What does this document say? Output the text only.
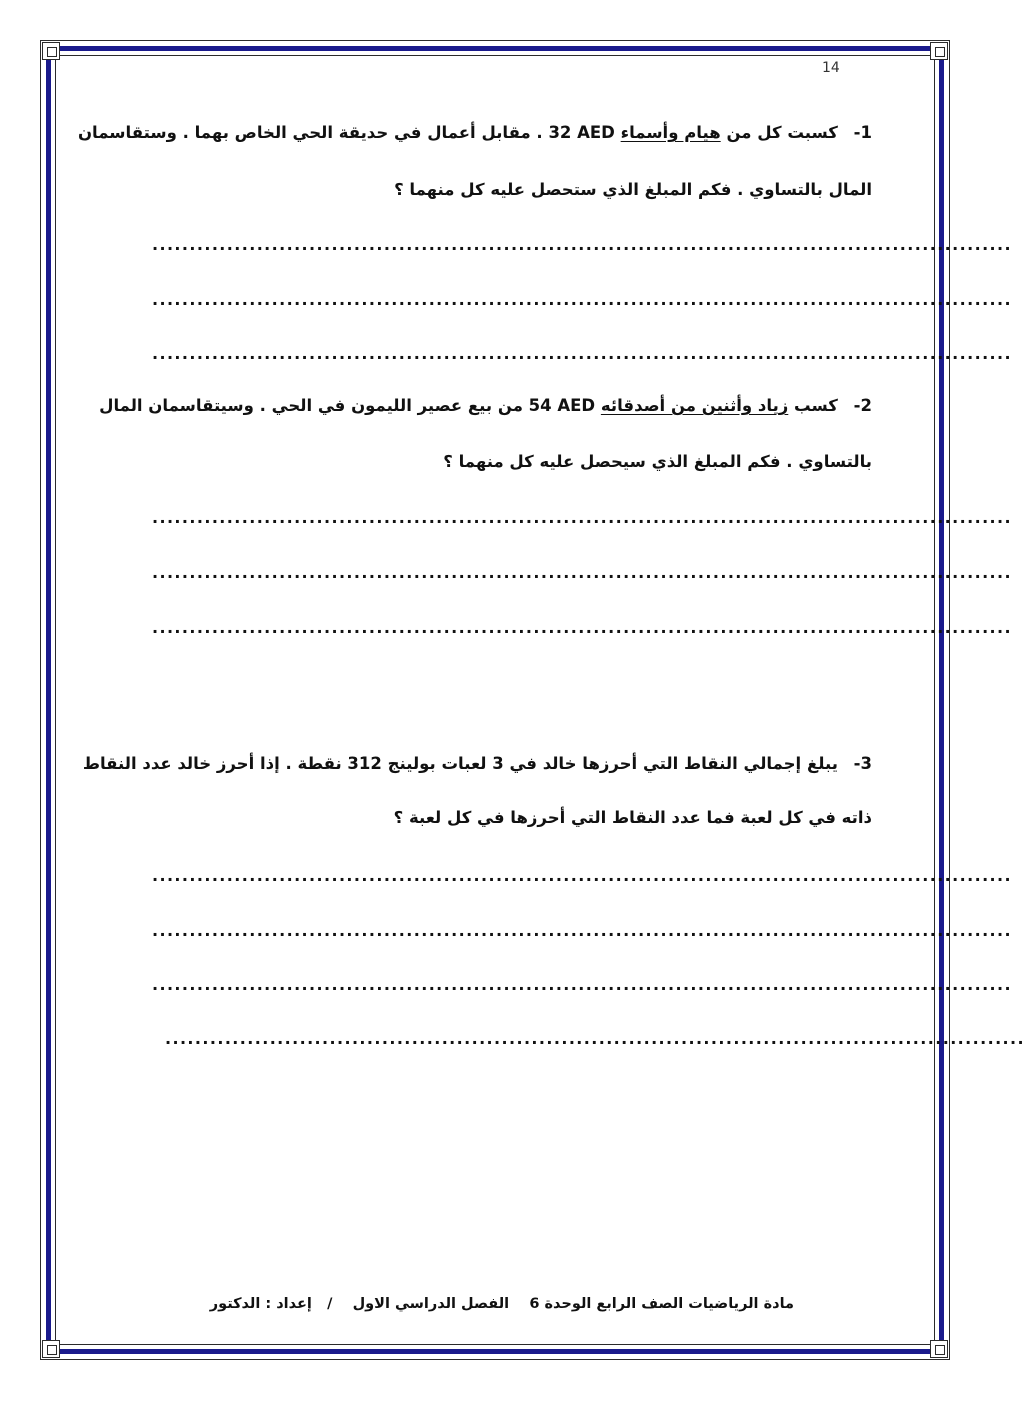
14
-1 كسبت كل من هيام وأسماء 32 AED . مقابل أعمال في حديقة الحي الخاص بهما . وستقاسمان
المال بالتساوي . فكم المبلغ الذي ستحصل عليه كل منهما ؟
...................................................................................................................
...................................................................................................................
...................................................................................................................
-2 كسب زياد وأثنين من أصدقائه 54 AED من بيع عصير الليمون في الحي . وسيتقاسمان المال
بالتساوي . فكم المبلغ الذي سيحصل عليه كل منهما ؟
...................................................................................................................
...................................................................................................................
...................................................................................................................
-3 يبلغ إجمالي النقاط التي أحرزها خالد في 3 لعبات بولينج 312 نقطة . إذا أحرز خالد عدد النقاط
ذاته في كل لعبة فما عدد النقاط التي أحرزها في كل لعبة ؟
...................................................................................................................
...................................................................................................................
...................................................................................................................
...................................................................................................................
مادة الرياضيات الصف الرابع الوحدة 6    الفصل الدراسي الاول    /   إعداد : الدكتور
